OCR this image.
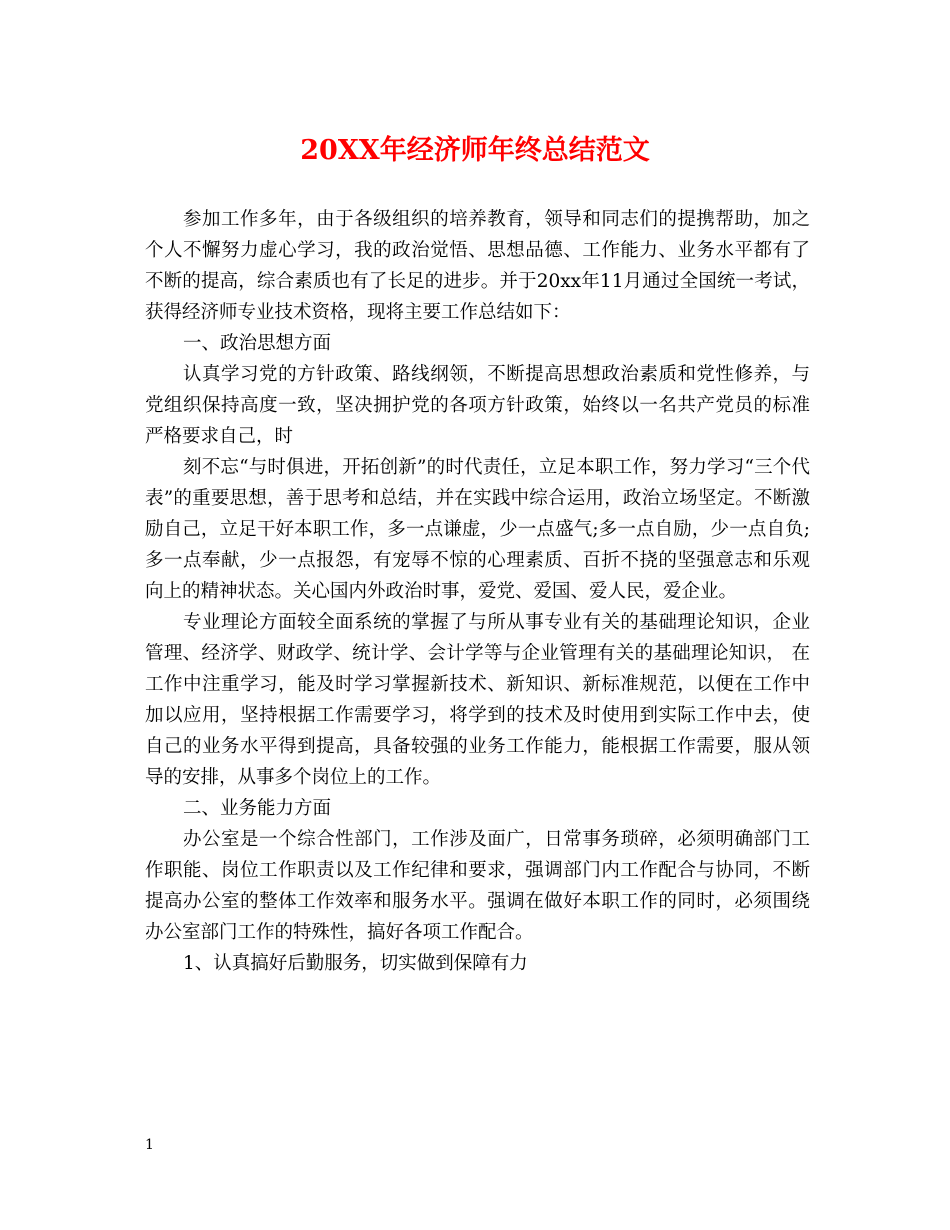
20XX年经济师年终总结范文

参加工作多年，由于各级组织的培养教育，领导和同志们的提携帮助，加之个人不懈努力虚心学习，我的政治觉悟、思想品德、工作能力、业务水平都有了不断的提高，综合素质也有了长足的进步。并于20xx年11月通过全国统一考试，获得经济师专业技术资格，现将主要工作总结如下：

一、政治思想方面

认真学习党的方针政策、路线纲领，不断提高思想政治素质和党性修养，与党组织保持高度一致，坚决拥护党的各项方针政策，始终以一名共产党员的标准严格要求自己，时

刻不忘“与时俱进，开拓创新”的时代责任，立足本职工作，努力学习“三个代表”的重要思想，善于思考和总结，并在实践中综合运用，政治立场坚定。不断激励自己，立足干好本职工作，多一点谦虚，少一点盛气;多一点自励，少一点自负;多一点奉献，少一点报怨，有宠辱不惊的心理素质、百折不挠的坚强意志和乐观向上的精神状态。关心国内外政治时事，爱党、爱国、爱人民，爱企业。

专业理论方面较全面系统的掌握了与所从事专业有关的基础理论知识，企业管理、经济学、财政学、统计学、会计学等与企业管理有关的基础理论知识， 在工作中注重学习，能及时学习掌握新技术、新知识、新标准规范，以便在工作中加以应用，坚持根据工作需要学习，将学到的技术及时使用到实际工作中去，使自己的业务水平得到提高，具备较强的业务工作能力，能根据工作需要，服从领导的安排，从事多个岗位上的工作。

二、业务能力方面

办公室是一个综合性部门，工作涉及面广，日常事务琐碎，必须明确部门工作职能、岗位工作职责以及工作纪律和要求，强调部门内工作配合与协同，不断提高办公室的整体工作效率和服务水平。强调在做好本职工作的同时，必须围绕办公室部门工作的特殊性，搞好各项工作配合。

1、认真搞好后勤服务，切实做到保障有力

1
